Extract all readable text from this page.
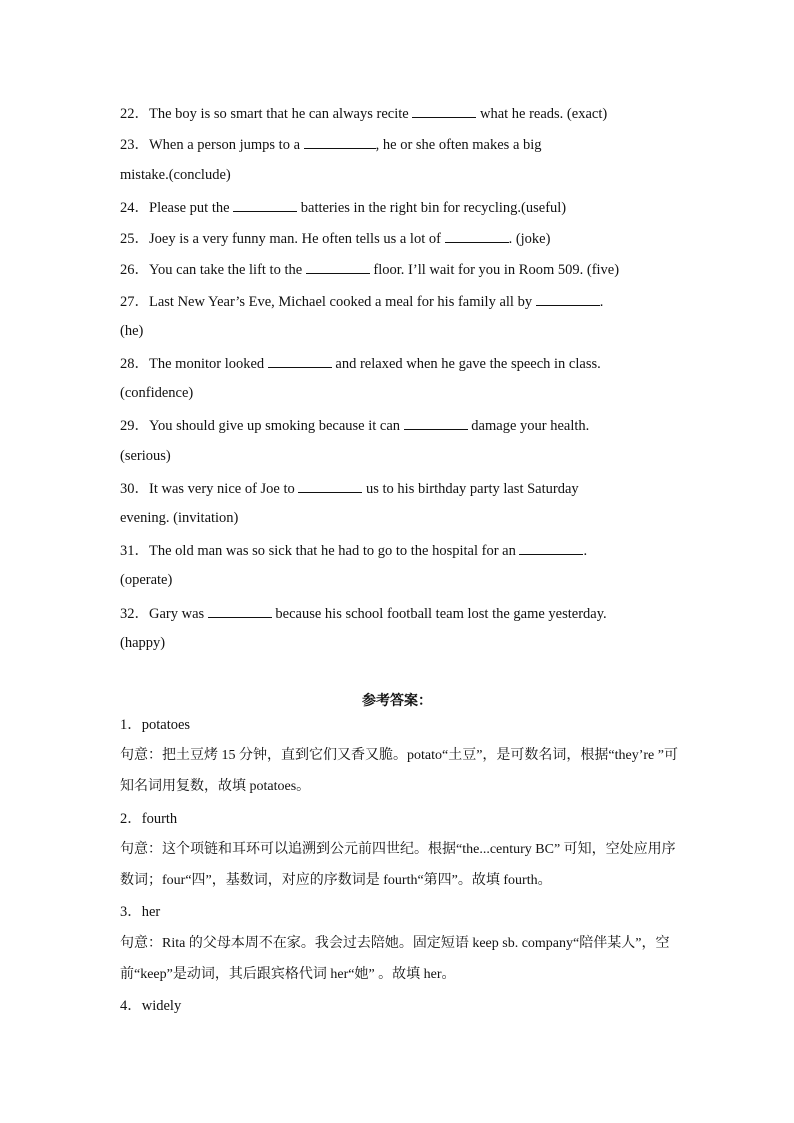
22．The boy is so smart that he can always recite	what he reads. (exact)
23．When a person jumps to a	, he or she often makes a big
mistake.(conclude)
24．Please put the	batteries in the right bin for recycling.(useful)
25．Joey is a very funny man. He often tells us a lot of	. (joke)
26．You can take the lift to the	floor. I’ll wait for you in Room 509. (five)
27．Last New Year’s Eve, Michael cooked a meal for his family all by	.
(he)
28．The monitor looked	and relaxed when he gave the speech in class.
(confidence)
29．You should give up smoking because it can	damage your health.
(serious)
30．It was very nice of Joe to	us to his birthday party last Saturday
evening. (invitation)
31．The old man was so sick that he had to go to the hospital for an	.
(operate)
32．Gary was	because his school football team lost the game yesterday.
(happy)
参考答案：
1．potatoes
句意：把土豆烤 15 分钟，直到它们又香又脆。potato“土豆”，是可数名词，根据“they’re ”可
知名词用复数，故填 potatoes。
2．fourth
句意：这个项链和耳环可以追溯到公元前四世纪。根据“the...century BC” 可知，空处应用序
数词；four“四”，基数词，对应的序数词是 fourth“第四”。故填 fourth。
3．her
句意：Rita 的父母本周不在家。我会过去陪她。固定短语 keep sb. company“陪伴某人”，空
前“keep”是动词，其后跟宾格代词 her“她” 。故填 her。
4．widely
